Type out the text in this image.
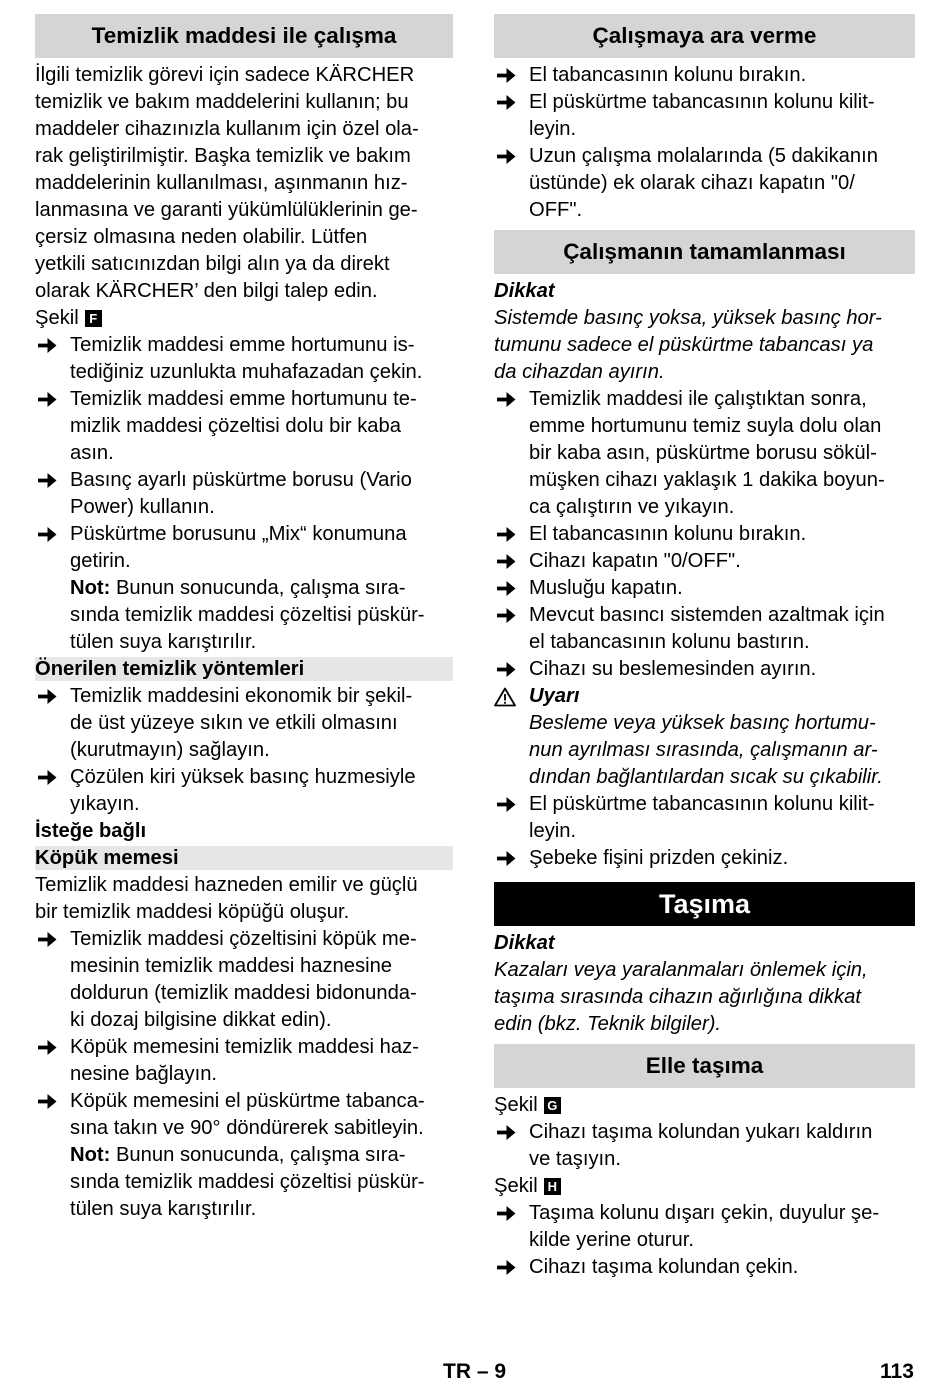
Temizlik maddesi ile çalışma
İlgili temizlik görevi için sadece KÄRCHER
temizlik ve bakım maddelerini kullanın; bu
maddeler cihazınızla kullanım için özel ola-
rak geliştirilmiştir. Başka temizlik ve bakım
maddelerinin kullanılması, aşınmanın hız-
lanmasına ve garanti yükümlülüklerinin ge-
çersiz olmasına neden olabilir. Lütfen
yetkili satıcınızdan bilgi alın ya da direkt
olarak KÄRCHER’ den bilgi talep edin.
Şekil F
Temizlik maddesi emme hortumunu is-
tediğiniz uzunlukta muhafazadan çekin.
Temizlik maddesi emme hortumunu te-
mizlik maddesi çözeltisi dolu bir kaba
asın.
Basınç ayarlı püskürtme borusu (Vario
Power) kullanın.
Püskürtme borusunu „Mix“ konumuna
getirin.
Not: Bunun sonucunda, çalışma sıra-
sında temizlik maddesi çözeltisi püskür-
tülen suya karıştırılır.
Önerilen temizlik yöntemleri
Temizlik maddesini ekonomik bir şekil-
de üst yüzeye sıkın ve etkili olmasını
(kurutmayın) sağlayın.
Çözülen kiri yüksek basınç huzmesiyle
yıkayın.
İsteğe bağlı
Köpük memesi
Temizlik maddesi hazneden emilir ve güçlü
bir temizlik maddesi köpüğü oluşur.
Temizlik maddesi çözeltisini köpük me-
mesinin temizlik maddesi haznesine
doldurun (temizlik maddesi bidonunda-
ki dozaj bilgisine dikkat edin).
Köpük memesini temizlik maddesi haz-
nesine bağlayın.
Köpük memesini el püskürtme tabanca-
sına takın ve 90° döndürerek sabitleyin.
Not: Bunun sonucunda, çalışma sıra-
sında temizlik maddesi çözeltisi püskür-
tülen suya karıştırılır.
Çalışmaya ara verme
El tabancasının kolunu bırakın.
El püskürtme tabancasının kolunu kilit-
leyin.
Uzun çalışma molalarında (5 dakikanın
üstünde) ek olarak cihazı kapatın "0/
OFF".
Çalışmanın tamamlanması
Dikkat
Sistemde basınç yoksa, yüksek basınç hor-
tumunu sadece el püskürtme tabancası ya
da cihazdan ayırın.
Temizlik maddesi ile çalıştıktan sonra,
emme hortumunu temiz suyla dolu olan
bir kaba asın, püskürtme borusu sökül-
müşken cihazı yaklaşık 1 dakika boyun-
ca çalıştırın ve yıkayın.
El tabancasının kolunu bırakın.
Cihazı kapatın "0/OFF".
Musluğu kapatın.
Mevcut basıncı sistemden azaltmak için
el tabancasının kolunu bastırın.
Cihazı su beslemesinden ayırın.
Uyarı
Besleme veya yüksek basınç hortumu-
nun ayrılması sırasında, çalışmanın ar-
dından bağlantılardan sıcak su çıkabilir.
El püskürtme tabancasının kolunu kilit-
leyin.
Şebeke fişini prizden çekiniz.
Taşıma
Dikkat
Kazaları veya yaralanmaları önlemek için,
taşıma sırasında cihazın ağırlığına dikkat
edin (bkz. Teknik bilgiler).
Elle taşıma
Şekil G
Cihazı taşıma kolundan yukarı kaldırın
ve taşıyın.
Şekil H
Taşıma kolunu dışarı çekin, duyulur şe-
kilde yerine oturur.
Cihazı taşıma kolundan çekin.
TR – 9	113
